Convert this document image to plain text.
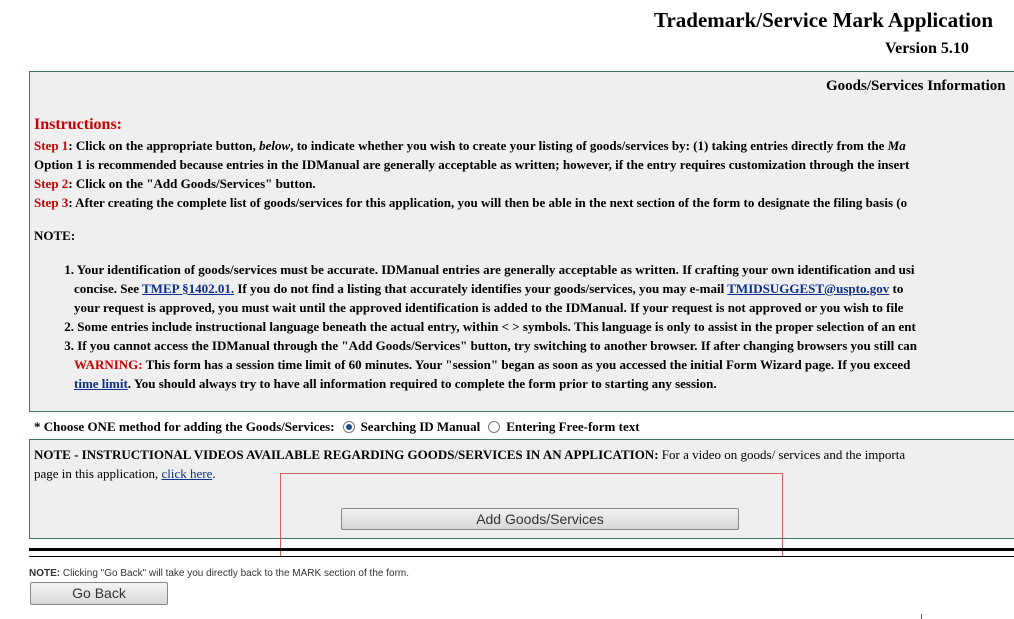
Trademark/Service Mark Application
Version 5.10
Goods/Services Information
Instructions:
Step 1: Click on the appropriate button, below, to indicate whether you wish to create your listing of goods/services by: (1) taking entries directly from the Ma
Option 1 is recommended because entries in the IDManual are generally acceptable as written; however, if the entry requires customization through the insert
Step 2: Click on the "Add Goods/Services" button.
Step 3: After creating the complete list of goods/services for this application, you will then be able in the next section of the form to designate the filing basis (o
NOTE:
1. Your identification of goods/services must be accurate. IDManual entries are generally acceptable as written. If crafting your own identification and usi
concise. See TMEP §1402.01. If you do not find a listing that accurately identifies your goods/services, you may e-mail TMIDSUGGEST@uspto.gov to
your request is approved, you must wait until the approved identification is added to the IDManual. If your request is not approved or you wish to file
2. Some entries include instructional language beneath the actual entry, within < > symbols. This language is only to assist in the proper selection of an ent
3. If you cannot access the IDManual through the "Add Goods/Services" button, try switching to another browser. If after changing browsers you still can
WARNING: This form has a session time limit of 60 minutes. Your "session" began as soon as you accessed the initial Form Wizard page. If you exceed
time limit. You should always try to have all information required to complete the form prior to starting any session.
* Choose ONE method for adding the Goods/Services: Searching ID Manual Entering Free-form text
NOTE - INSTRUCTIONAL VIDEOS AVAILABLE REGARDING GOODS/SERVICES IN AN APPLICATION: For a video on goods/ services and the importa
page in this application, click here.
Add Goods/Services
NOTE: Clicking "Go Back" will take you directly back to the MARK section of the form.
Go Back
